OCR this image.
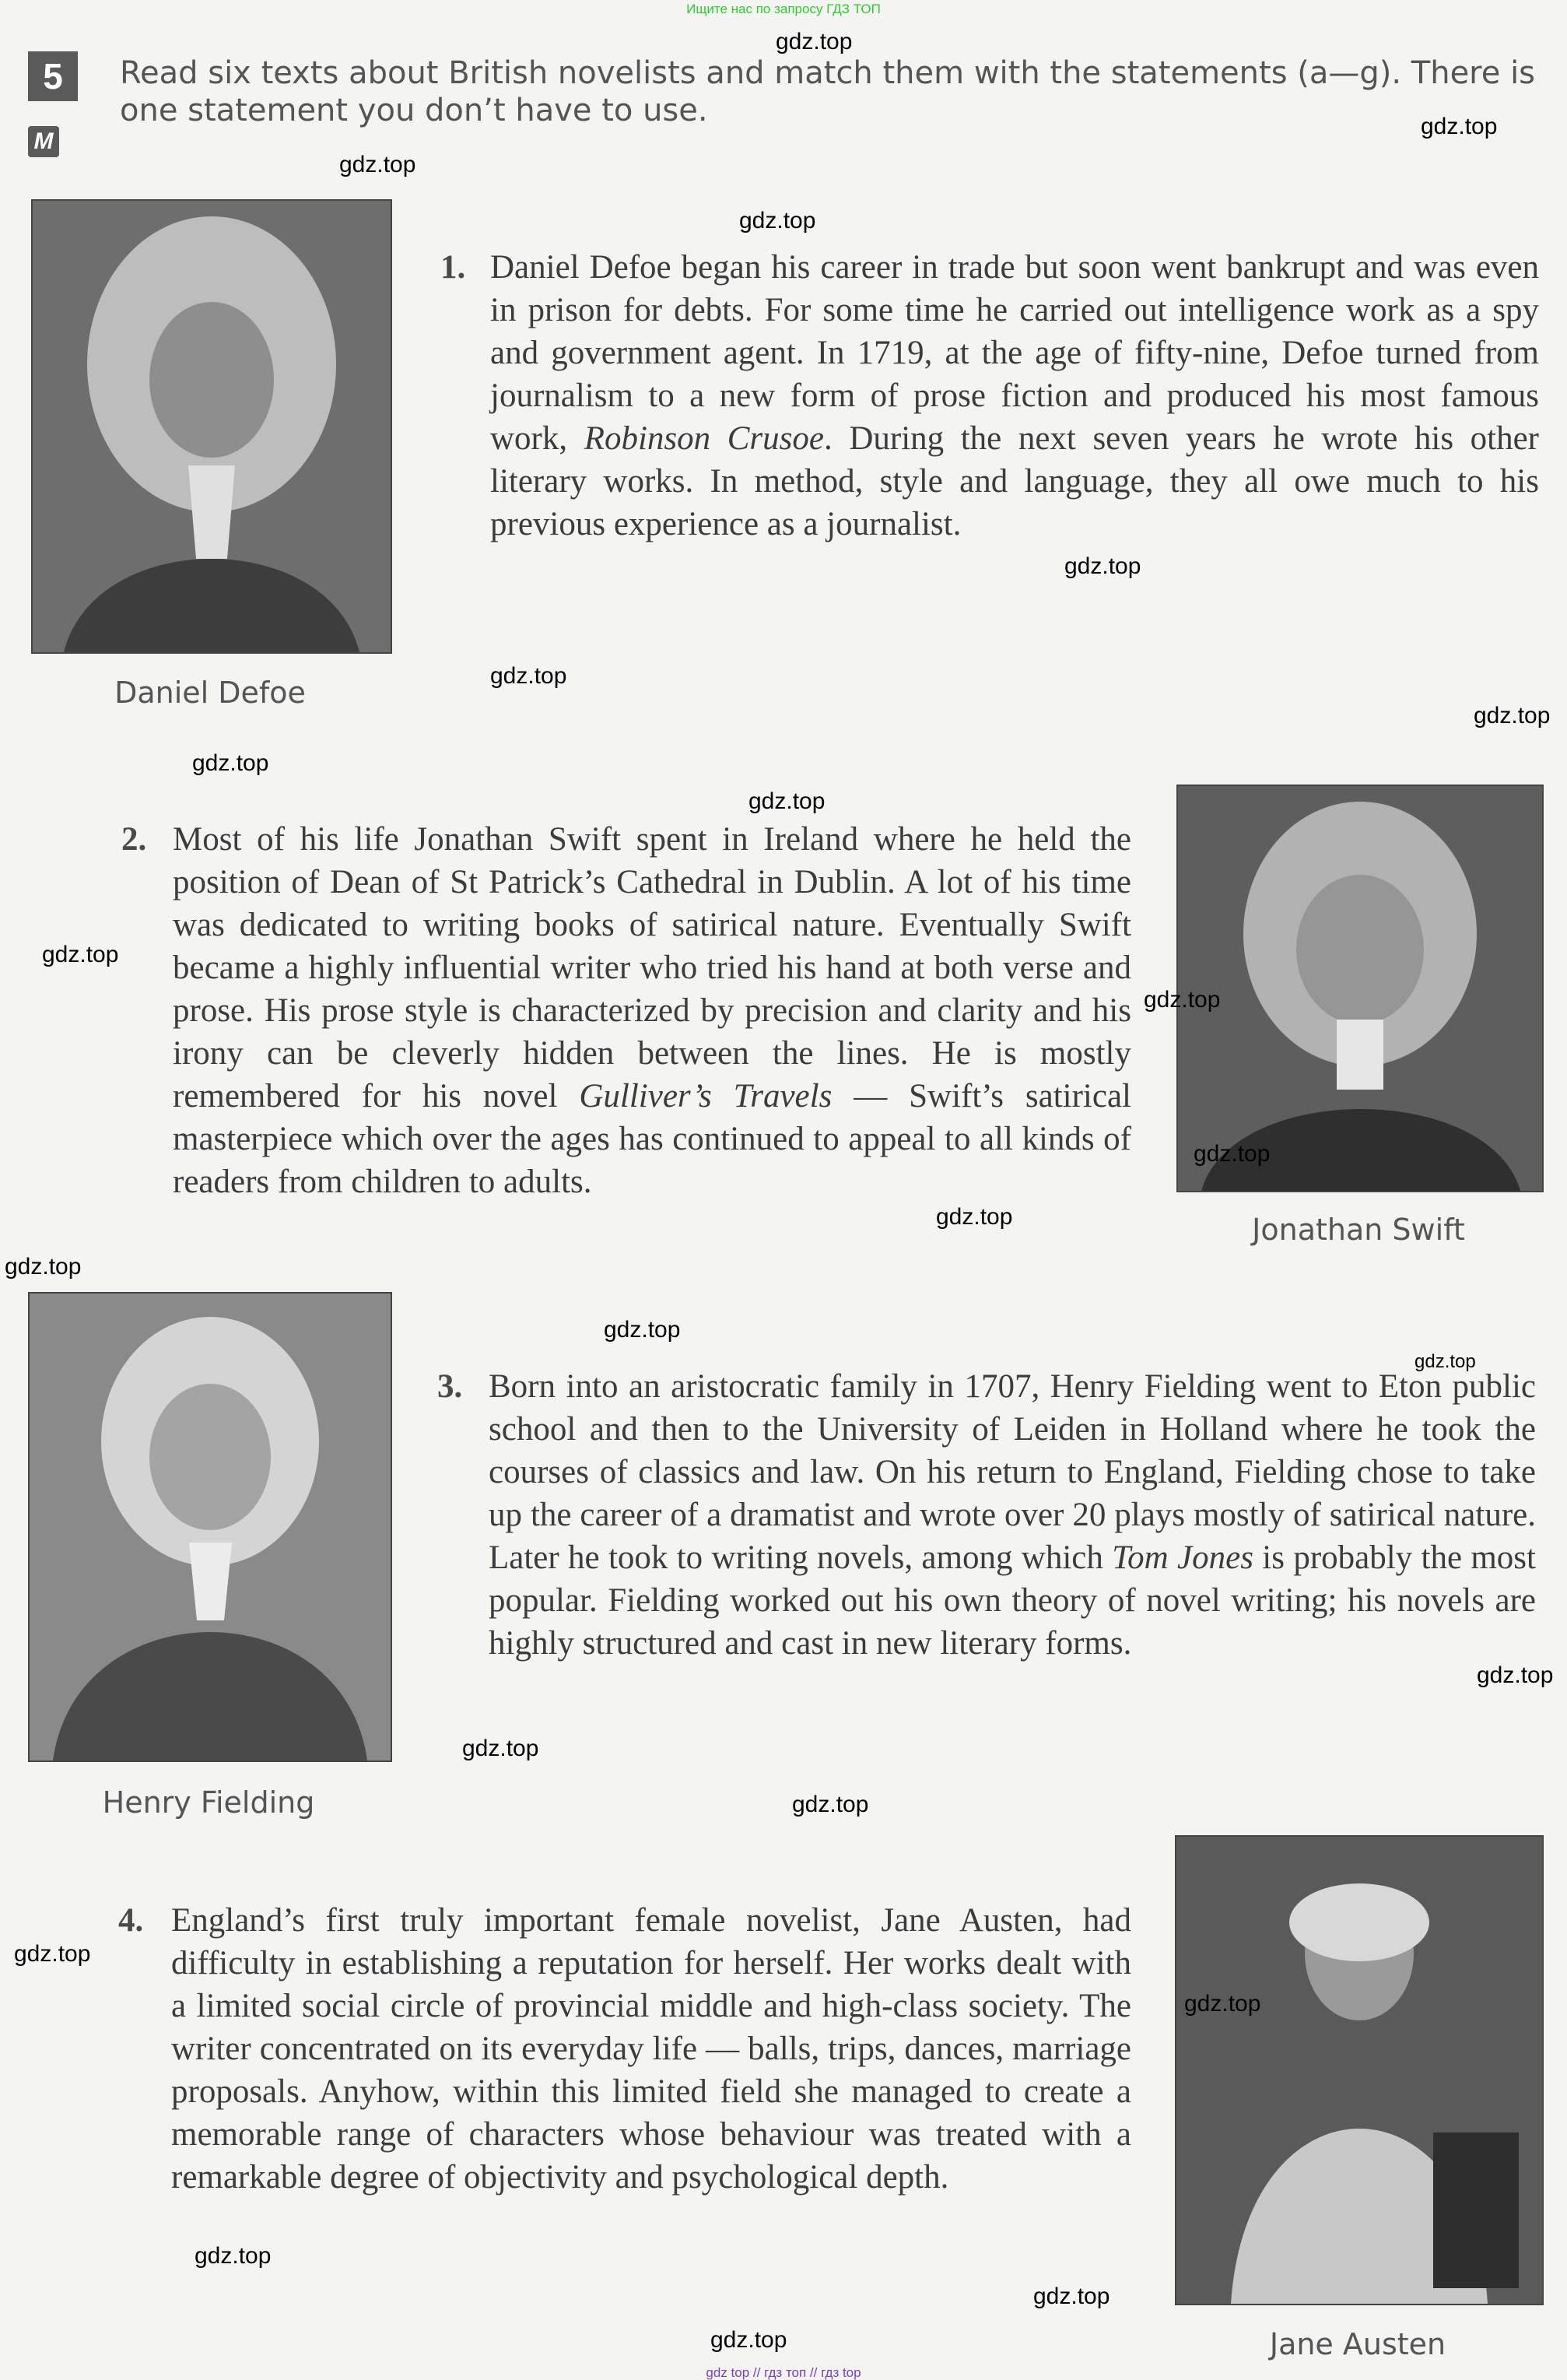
Ищите нас по запросу ГДЗ ТОП
5
M

Read six texts about British novelists and match them with the statements (a—g). There is one statement you don’t have to use.

Daniel Defoe
1. Daniel Defoe began his career in trade but soon went bankrupt and was even in prison for debts. For some time he carried out intelligence work as a spy and government agent. In 1719, at the age of fifty-nine, Defoe turned from journalism to a new form of prose fiction and produced his most famous work, Robinson Crusoe. During the next seven years he wrote his other literary works. In method, style and language, they all owe much to his previous experience as a journalist.

Jonathan Swift
2. Most of his life Jonathan Swift spent in Ireland where he held the position of Dean of St Patrick’s Cathedral in Dublin. A lot of his time was dedicated to writing books of satirical nature. Eventually Swift became a highly influential writer who tried his hand at both verse and prose. His prose style is characterized by precision and clarity and his irony can be cleverly hidden between the lines. He is mostly remembered for his novel Gulliver’s Travels — Swift’s satirical masterpiece which over the ages has continued to appeal to all kinds of readers from children to adults.

Henry Fielding
3. Born into an aristocratic family in 1707, Henry Fielding went to Eton public school and then to the University of Leiden in Holland where he took the courses of classics and law. On his return to England, Fielding chose to take up the career of a dramatist and wrote over 20 plays mostly of satirical nature. Later he took to writing novels, among which Tom Jones is probably the most popular. Fielding worked out his own theory of novel writing; his novels are highly structured and cast in new literary forms.

Jane Austen
4. England’s first truly important female novelist, Jane Austen, had difficulty in establishing a reputation for herself. Her works dealt with a limited social circle of provincial middle and high-class society. The writer concentrated on its everyday life — balls, trips, dances, marriage proposals. Anyhow, within this limited field she managed to create a memorable range of characters whose behaviour was treated with a remarkable degree of objectivity and psychological depth.

gdz.top
gdz.top
gdz.top
gdz.top
gdz.top
gdz.top
gdz.top
gdz.top
gdz.top
gdz.top
gdz.top
gdz.top
gdz.top
gdz.top
gdz.top
gdz.top
gdz.top
gdz.top
gdz.top
gdz.top
gdz.top
gdz.top
gdz.top
gdz.top
gdz top // гдз топ // гдз top
